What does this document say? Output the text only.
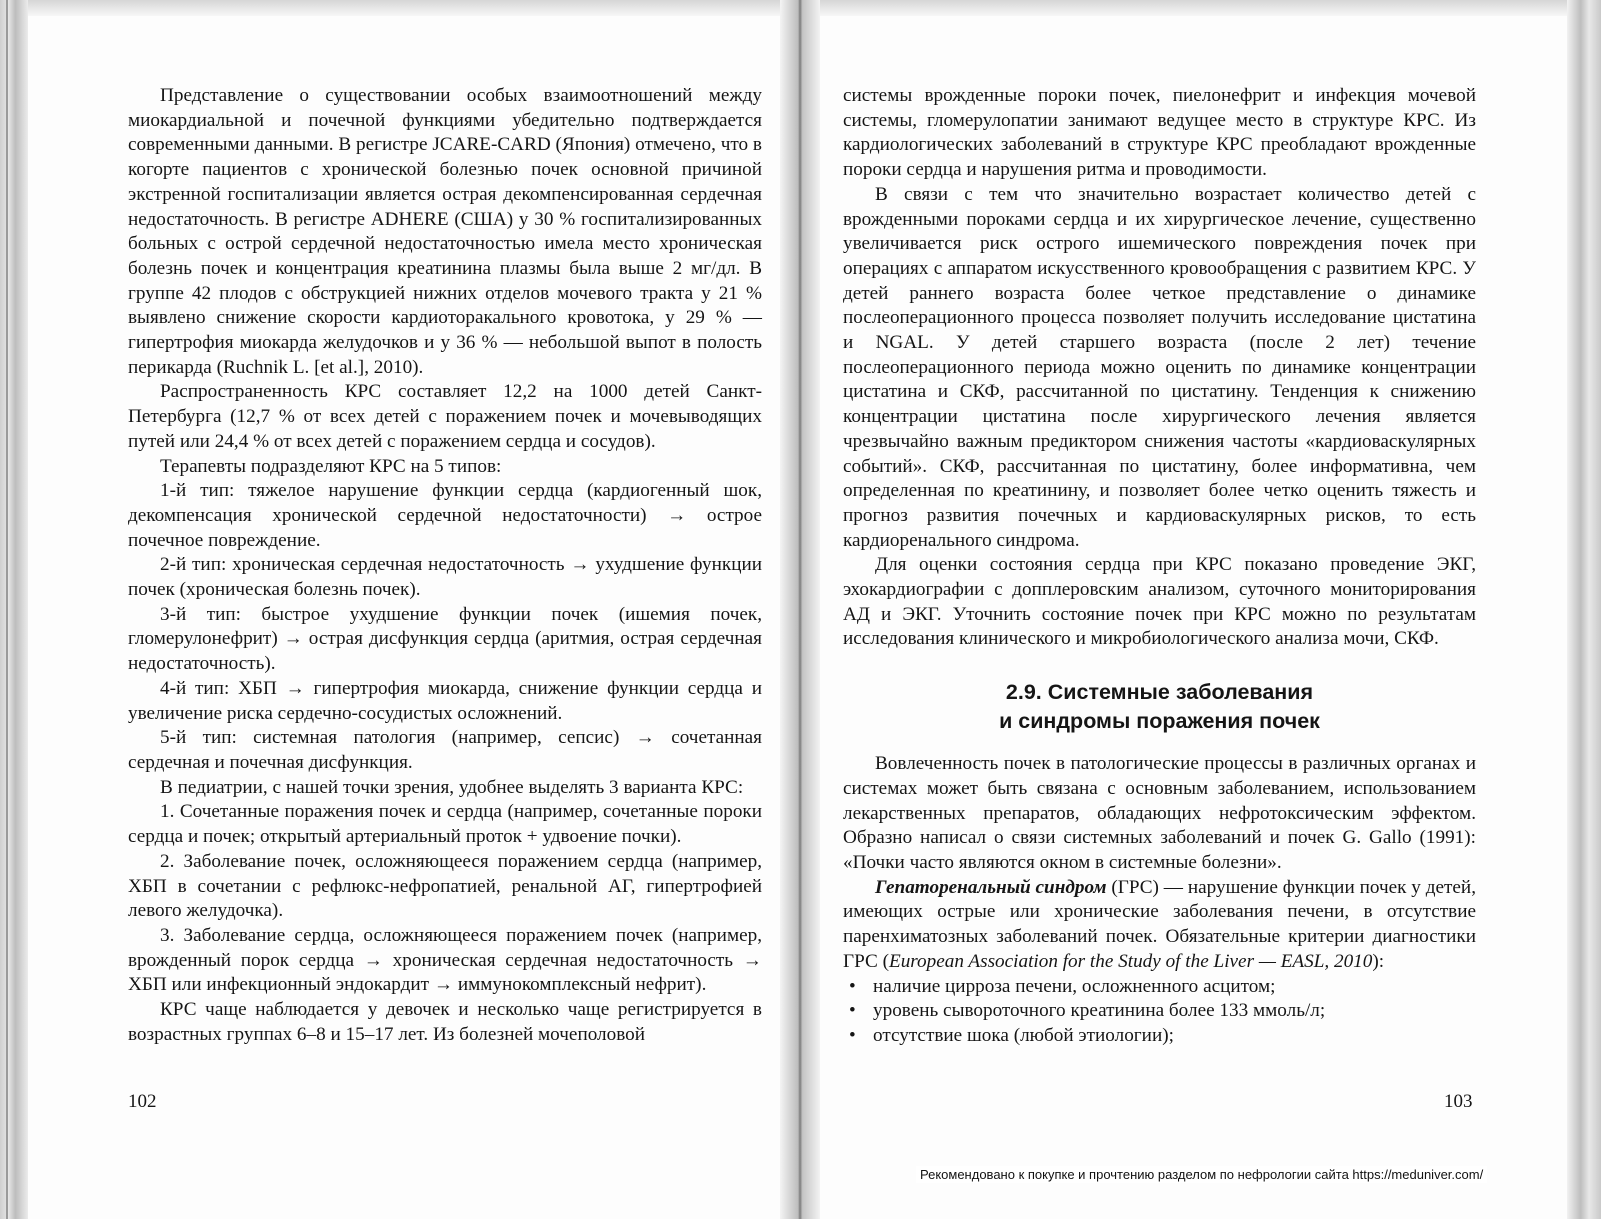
Представление о существовании особых взаимоотношений между миокардиальной и почечной функциями убедительно подтверждается современными данными. В регистре JCARE-CARD (Япония) отмечено, что в когорте пациентов с хронической болезнью почек основной причиной экстренной госпитализации является острая декомпенсированная сердечная недостаточность. В регистре ADHERE (США) у 30 % госпитализированных больных с острой сердечной недостаточностью имела место хроническая болезнь почек и концентрация креатинина плазмы была выше 2 мг/дл. В группе 42 плодов с обструкцией нижних отделов мочевого тракта у 21 % выявлено снижение скорости кардиоторакального кровотока, у 29 % — гипертрофия миокарда желудочков и у 36 % — небольшой выпот в полость перикарда (Ruchnik L. [et al.], 2010).

Распространенность КРС составляет 12,2 на 1000 детей Санкт-Петербурга (12,7 % от всех детей с поражением почек и мочевыводящих путей или 24,4 % от всех детей с поражением сердца и сосудов).

Терапевты подразделяют КРС на 5 типов:

1-й тип: тяжелое нарушение функции сердца (кардиогенный шок, декомпенсация хронической сердечной недостаточности) → острое почечное повреждение.

2-й тип: хроническая сердечная недостаточность → ухудшение функции почек (хроническая болезнь почек).

3-й тип: быстрое ухудшение функции почек (ишемия почек, гломерулонефрит) → острая дисфункция сердца (аритмия, острая сердечная недостаточность).

4-й тип: ХБП → гипертрофия миокарда, снижение функции сердца и увеличение риска сердечно-сосудистых осложнений.

5-й тип: системная патология (например, сепсис) → сочетанная сердечная и почечная дисфункция.

В педиатрии, с нашей точки зрения, удобнее выделять 3 варианта КРС:

1. Сочетанные поражения почек и сердца (например, сочетанные пороки сердца и почек; открытый артериальный проток + удвоение почки).

2. Заболевание почек, осложняющееся поражением сердца (например, ХБП в сочетании с рефлюкс-нефропатией, ренальной АГ, гипертрофией левого желудочка).

3. Заболевание сердца, осложняющееся поражением почек (например, врожденный порок сердца → хроническая сердечная недостаточность → ХБП или инфекционный эндокардит → иммунокомплексный нефрит).

КРС чаще наблюдается у девочек и несколько чаще регистрируется в возрастных группах 6–8 и 15–17 лет. Из болезней мочеполовой

102

системы врожденные пороки почек, пиелонефрит и инфекция мочевой системы, гломерулопатии занимают ведущее место в структуре КРС. Из кардиологических заболеваний в структуре КРС преобладают врожденные пороки сердца и нарушения ритма и проводимости.

В связи с тем что значительно возрастает количество детей с врожденными пороками сердца и их хирургическое лечение, существенно увеличивается риск острого ишемического повреждения почек при операциях с аппаратом искусственного кровообращения с развитием КРС. У детей раннего возраста более четкое представление о динамике послеоперационного процесса позволяет получить исследование цистатина и NGAL. У детей старшего возраста (после 2 лет) течение послеоперационного периода можно оценить по динамике концентрации цистатина и СКФ, рассчитанной по цистатину. Тенденция к снижению концентрации цистатина после хирургического лечения является чрезвычайно важным предиктором снижения частоты «кардиоваскулярных событий». СКФ, рассчитанная по цистатину, более информативна, чем определенная по креатинину, и позволяет более четко оценить тяжесть и прогноз развития почечных и кардиоваскулярных рисков, то есть кардиоренального синдрома.

Для оценки состояния сердца при КРС показано проведение ЭКГ, эхокардиографии с допплеровским анализом, суточного мониторирования АД и ЭКГ. Уточнить состояние почек при КРС можно по результатам исследования клинического и микробиологического анализа мочи, СКФ.

2.9. Системные заболевания
и синдромы поражения почек

Вовлеченность почек в патологические процессы в различных органах и системах может быть связана с основным заболеванием, использованием лекарственных препаратов, обладающих нефротоксическим эффектом. Образно написал о связи системных заболеваний и почек G. Gallo (1991): «Почки часто являются окном в системные болезни».

Гепаторенальный синдром (ГРС) — нарушение функции почек у детей, имеющих острые или хронические заболевания печени, в отсутствие паренхиматозных заболеваний почек. Обязательные критерии диагностики ГРС (European Association for the Study of the Liver — EASL, 2010):

• наличие цирроза печени, осложненного асцитом;
• уровень сывороточного креатинина более 133 ммоль/л;
• отсутствие шока (любой этиологии);
103
Рекомендовано к покупке и прочтению разделом по нефрологии сайта https://meduniver.com/
